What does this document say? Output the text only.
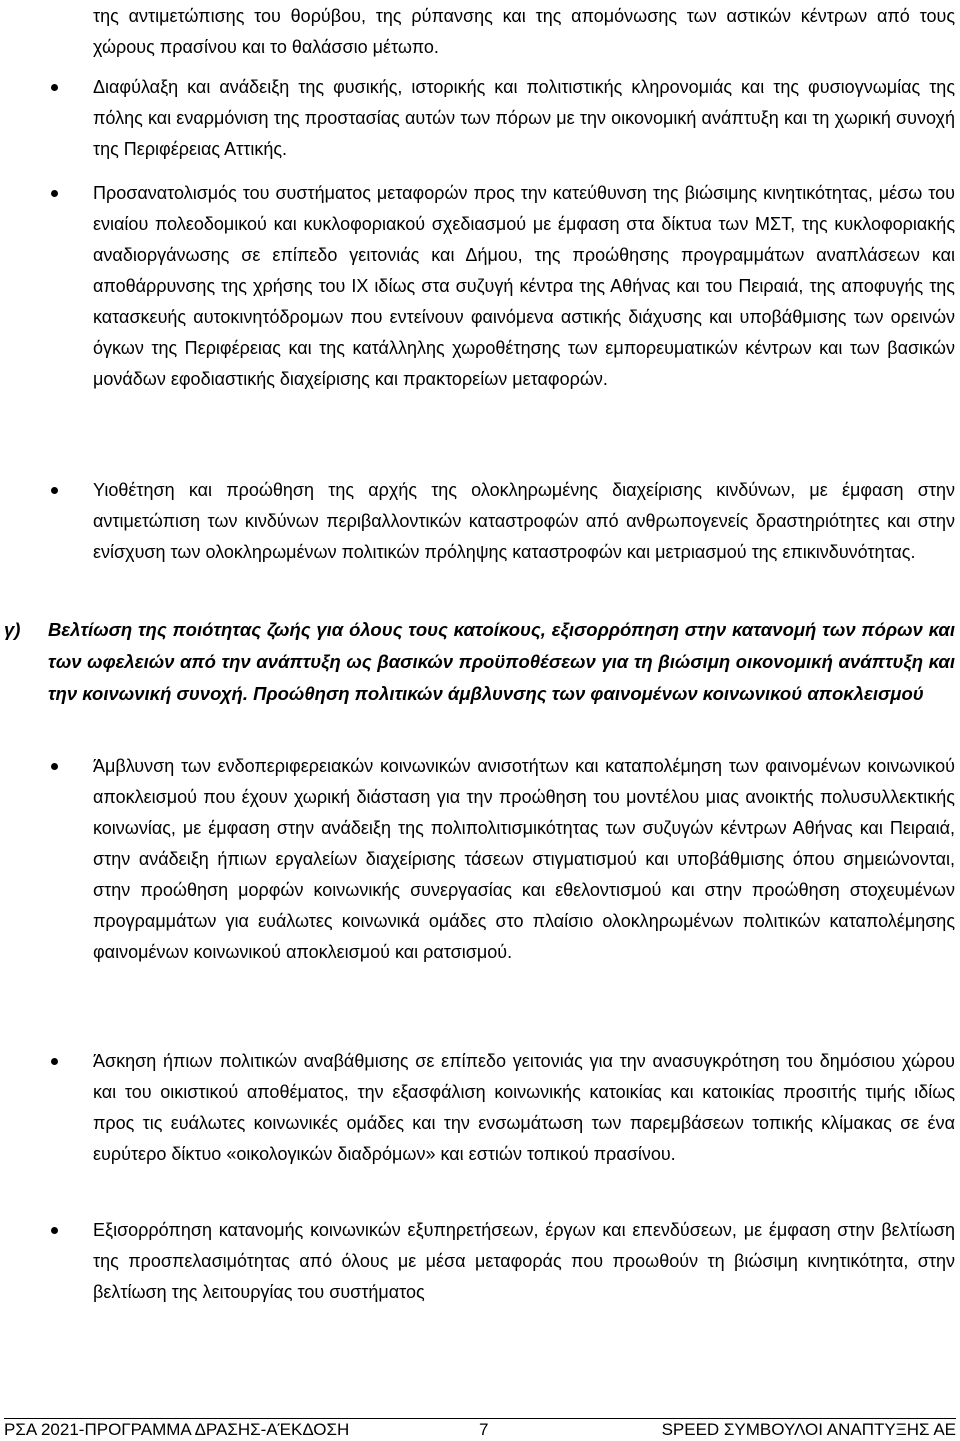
της αντιμετώπισης του θορύβου, της ρύπανσης και της απομόνωσης των αστικών κέντρων από τους χώρους πρασίνου και το θαλάσσιο μέτωπο.

Διαφύλαξη και ανάδειξη της φυσικής, ιστορικής και πολιτιστικής κληρονομιάς και της φυσιογνωμίας της πόλης και εναρμόνιση της προστασίας αυτών των πόρων με την οικονομική ανάπτυξη και τη χωρική συνοχή της Περιφέρειας Αττικής.
Προσανατολισμός του συστήματος μεταφορών προς την κατεύθυνση της βιώσιμης κινητικότητας, μέσω του ενιαίου πολεοδομικού και κυκλοφοριακού σχεδιασμού με έμφαση στα δίκτυα των ΜΣΤ, της κυκλοφοριακής αναδιοργάνωσης σε επίπεδο γειτονιάς και Δήμου, της προώθησης προγραμμάτων αναπλάσεων και αποθάρρυνσης της χρήσης του ΙΧ ιδίως στα συζυγή κέντρα της Αθήνας και του Πειραιά, της αποφυγής της κατασκευής αυτοκινητόδρομων που εντείνουν φαινόμενα αστικής διάχυσης και υποβάθμισης των ορεινών όγκων της Περιφέρειας και της κατάλληλης χωροθέτησης των εμπορευματικών κέντρων και των βασικών μονάδων εφοδιαστικής διαχείρισης και πρακτορείων μεταφορών.
Υιοθέτηση και προώθηση της αρχής της ολοκληρωμένης διαχείρισης κινδύνων, με έμφαση στην αντιμετώπιση των κινδύνων περιβαλλοντικών καταστροφών από ανθρωπογενείς δραστηριότητες και στην ενίσχυση των ολοκληρωμένων πολιτικών πρόληψης καταστροφών και μετριασμού της επικινδυνότητας.
γ) Βελτίωση της ποιότητας ζωής για όλους τους κατοίκους, εξισορρόπηση στην κατανομή των πόρων και των ωφελειών από την ανάπτυξη ως βασικών προϋποθέσεων για τη βιώσιμη οικονομική ανάπτυξη και την κοινωνική συνοχή. Προώθηση πολιτικών άμβλυνσης των φαινομένων κοινωνικού αποκλεισμού
Άμβλυνση των ενδοπεριφερειακών κοινωνικών ανισοτήτων και καταπολέμηση των φαινομένων κοινωνικού αποκλεισμού που έχουν χωρική διάσταση για την προώθηση του μοντέλου μιας ανοικτής πολυσυλλεκτικής κοινωνίας, με έμφαση στην ανάδειξη της πολιπολιτισμικότητας των συζυγών κέντρων Αθήνας και Πειραιά, στην ανάδειξη ήπιων εργαλείων διαχείρισης τάσεων στιγματισμού και υποβάθμισης όπου σημειώνονται, στην προώθηση μορφών κοινωνικής συνεργασίας και εθελοντισμού και στην προώθηση στοχευμένων προγραμμάτων για ευάλωτες κοινωνικά ομάδες στο πλαίσιο ολοκληρωμένων πολιτικών καταπολέμησης φαινομένων κοινωνικού αποκλεισμού και ρατσισμού.
Άσκηση ήπιων πολιτικών αναβάθμισης σε επίπεδο γειτονιάς για την ανασυγκρότηση του δημόσιου χώρου και του οικιστικού αποθέματος, την εξασφάλιση κοινωνικής κατοικίας και κατοικίας προσιτής τιμής ιδίως προς τις ευάλωτες κοινωνικές ομάδες και την ενσωμάτωση των παρεμβάσεων τοπικής κλίμακας σε ένα ευρύτερο δίκτυο «οικολογικών διαδρόμων» και εστιών τοπικού πρασίνου.
Εξισορρόπηση κατανομής κοινωνικών εξυπηρετήσεων, έργων και επενδύσεων, με έμφαση στην βελτίωση της προσπελασιμότητας από όλους με μέσα μεταφοράς που προωθούν τη βιώσιμη κινητικότητα, στην βελτίωση της λειτουργίας του συστήματος
ΡΣΑ 2021-ΠΡΟΓΡΑΜΜΑ ΔΡΑΣΗΣ-ΑΈΚΔΟΣΗ	7	SPEED ΣΥΜΒΟΥΛΟΙ ΑΝΑΠΤΥΞΗΣ ΑΕ
